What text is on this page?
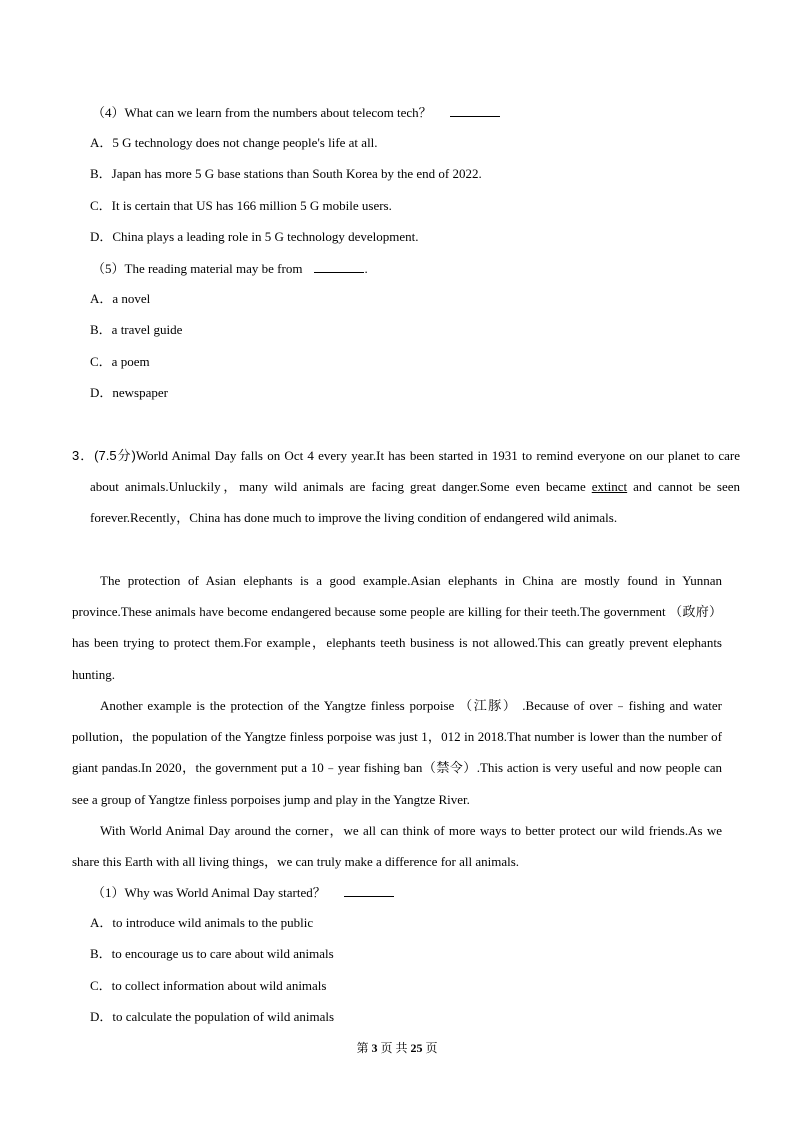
（4）What can we learn from the numbers about telecom tech？
A．5 G technology does not change people's life at all.
B．Japan has more 5 G base stations than South Korea by the end of 2022.
C．It is certain that US has 166 million 5 G mobile users.
D．China plays a leading role in 5 G technology development.
（5）The reading material may be from	.
A．a novel
B．a travel guide
C．a poem
D．newspaper
3．(7.5分)World Animal Day falls on Oct 4 every year.It has been started in 1931 to remind everyone on our planet to care about animals.Unluckily，many wild animals are facing great danger.Some even became extinct and cannot be seen forever.Recently，China has done much to improve the living condition of endangered wild animals.
The protection of Asian elephants is a good example.Asian elephants in China are mostly found in Yunnan province.These animals have become endangered because some people are killing for their teeth.The government （政府） has been trying to protect them.For example，elephants teeth business is not allowed.This can greatly prevent elephants hunting.
Another example is the protection of the Yangtze finless porpoise （江豚） .Because of over﹣fishing and water pollution，the population of the Yangtze finless porpoise was just 1，012 in 2018.That number is lower than the number of giant pandas.In 2020，the government put a 10﹣year fishing ban（禁令）.This action is very useful and now people can see a group of Yangtze finless porpoises jump and play in the Yangtze River.
With World Animal Day around the corner，we all can think of more ways to better protect our wild friends.As we share this Earth with all living things，we can truly make a difference for all animals.
（1）Why was World Animal Day started？
A．to introduce wild animals to the public
B．to encourage us to care about wild animals
C．to collect information about wild animals
D．to calculate the population of wild animals
第 3 页 共 25 页
